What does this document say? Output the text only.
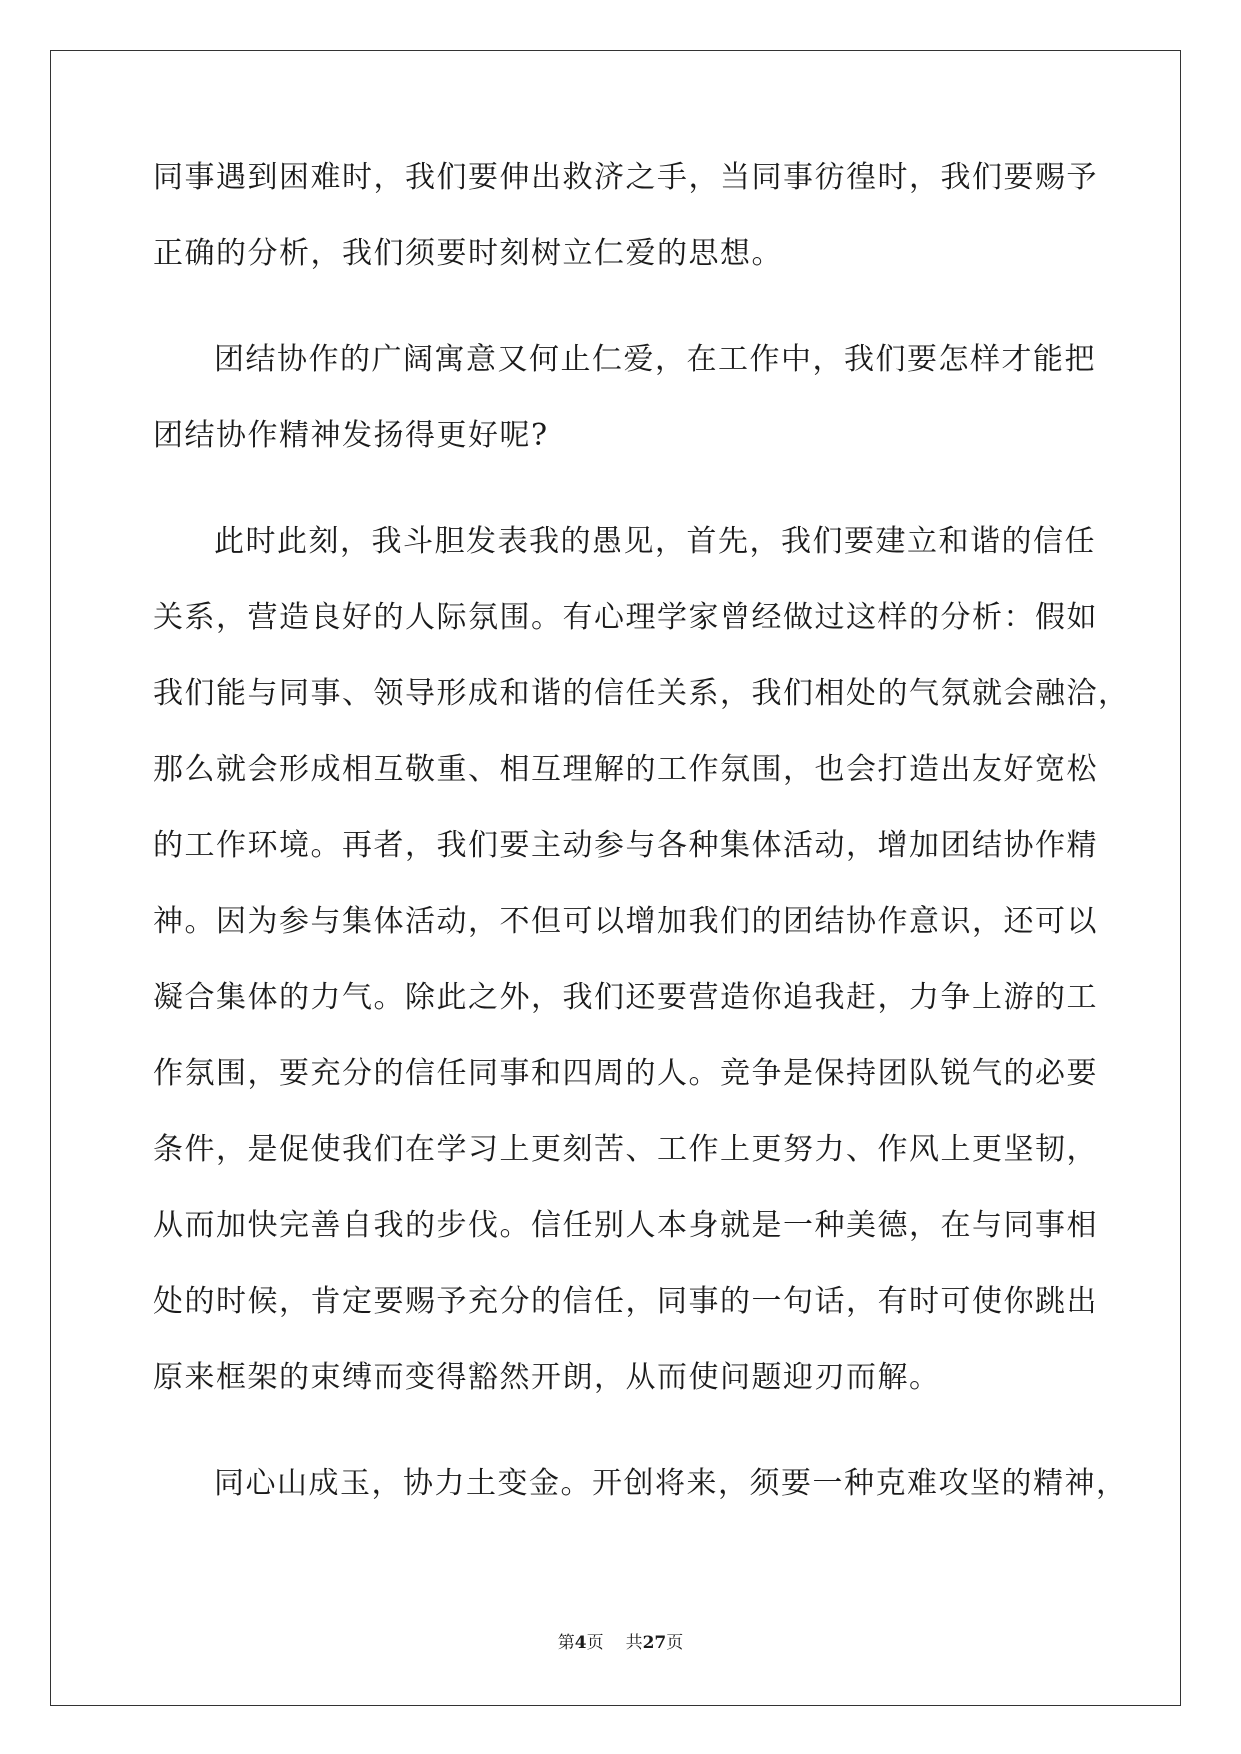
同事遇到困难时，我们要伸出救济之手，当同事彷徨时，我们要赐予
正确的分析，我们须要时刻树立仁爱的思想。
团结协作的广阔寓意又何止仁爱，在工作中，我们要怎样才能把
团结协作精神发扬得更好呢?
此时此刻，我斗胆发表我的愚见，首先，我们要建立和谐的信任
关系，营造良好的人际氛围。有心理学家曾经做过这样的分析：假如
我们能与同事、领导形成和谐的信任关系，我们相处的气氛就会融洽，
那么就会形成相互敬重、相互理解的工作氛围，也会打造出友好宽松
的工作环境。再者，我们要主动参与各种集体活动，增加团结协作精
神。因为参与集体活动，不但可以增加我们的团结协作意识，还可以
凝合集体的力气。除此之外，我们还要营造你追我赶，力争上游的工
作氛围，要充分的信任同事和四周的人。竞争是保持团队锐气的必要
条件，是促使我们在学习上更刻苦、工作上更努力、作风上更坚韧，
从而加快完善自我的步伐。信任别人本身就是一种美德，在与同事相
处的时候，肯定要赐予充分的信任，同事的一句话，有时可使你跳出
原来框架的束缚而变得豁然开朗，从而使问题迎刃而解。
同心山成玉，协力土变金。开创将来，须要一种克难攻坚的精神，
第4页 共27页
